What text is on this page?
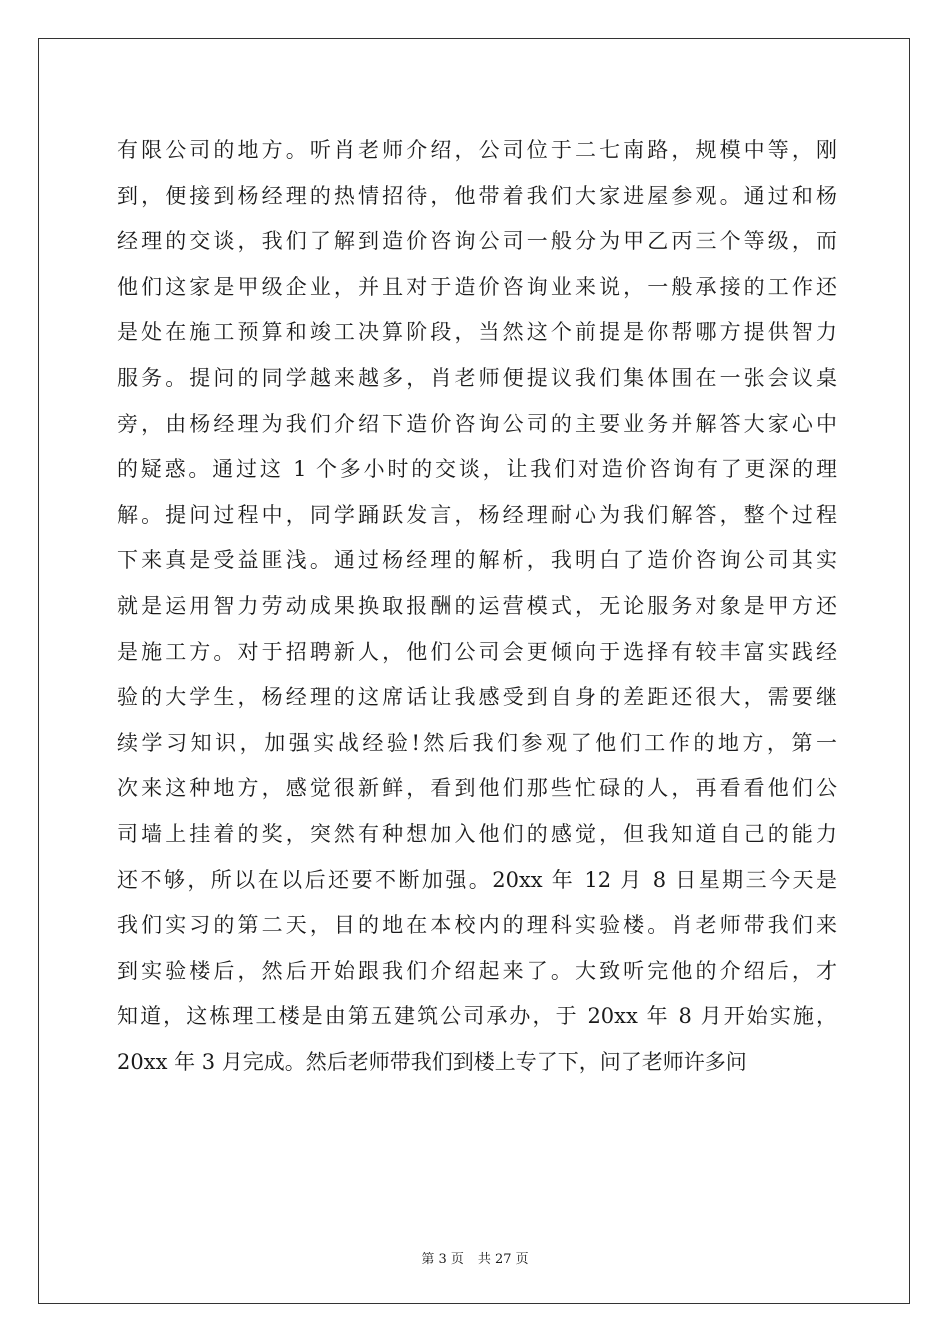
有限公司的地方。听肖老师介绍，公司位于二七南路，规模中等，刚
到，便接到杨经理的热情招待，他带着我们大家进屋参观。通过和杨
经理的交谈，我们了解到造价咨询公司一般分为甲乙丙三个等级，而
他们这家是甲级企业，并且对于造价咨询业来说，一般承接的工作还
是处在施工预算和竣工决算阶段，当然这个前提是你帮哪方提供智力
服务。提问的同学越来越多，肖老师便提议我们集体围在一张会议桌
旁，由杨经理为我们介绍下造价咨询公司的主要业务并解答大家心中
的疑惑。通过这 1 个多小时的交谈，让我们对造价咨询有了更深的理
解。提问过程中，同学踊跃发言，杨经理耐心为我们解答，整个过程
下来真是受益匪浅。通过杨经理的解析，我明白了造价咨询公司其实
就是运用智力劳动成果换取报酬的运营模式，无论服务对象是甲方还
是施工方。对于招聘新人，他们公司会更倾向于选择有较丰富实践经
验的大学生，杨经理的这席话让我感受到自身的差距还很大，需要继
续学习知识，加强实战经验!然后我们参观了他们工作的地方，第一
次来这种地方，感觉很新鲜，看到他们那些忙碌的人，再看看他们公
司墙上挂着的奖，突然有种想加入他们的感觉，但我知道自己的能力
还不够，所以在以后还要不断加强。20xx 年 12 月 8 日星期三今天是
我们实习的第二天，目的地在本校内的理科实验楼。肖老师带我们来
到实验楼后，然后开始跟我们介绍起来了。大致听完他的介绍后，才
知道，这栋理工楼是由第五建筑公司承办，于 20xx 年 8 月开始实施，
20xx 年 3 月完成。然后老师带我们到楼上专了下，问了老师许多问
第 3 页 共 27 页
